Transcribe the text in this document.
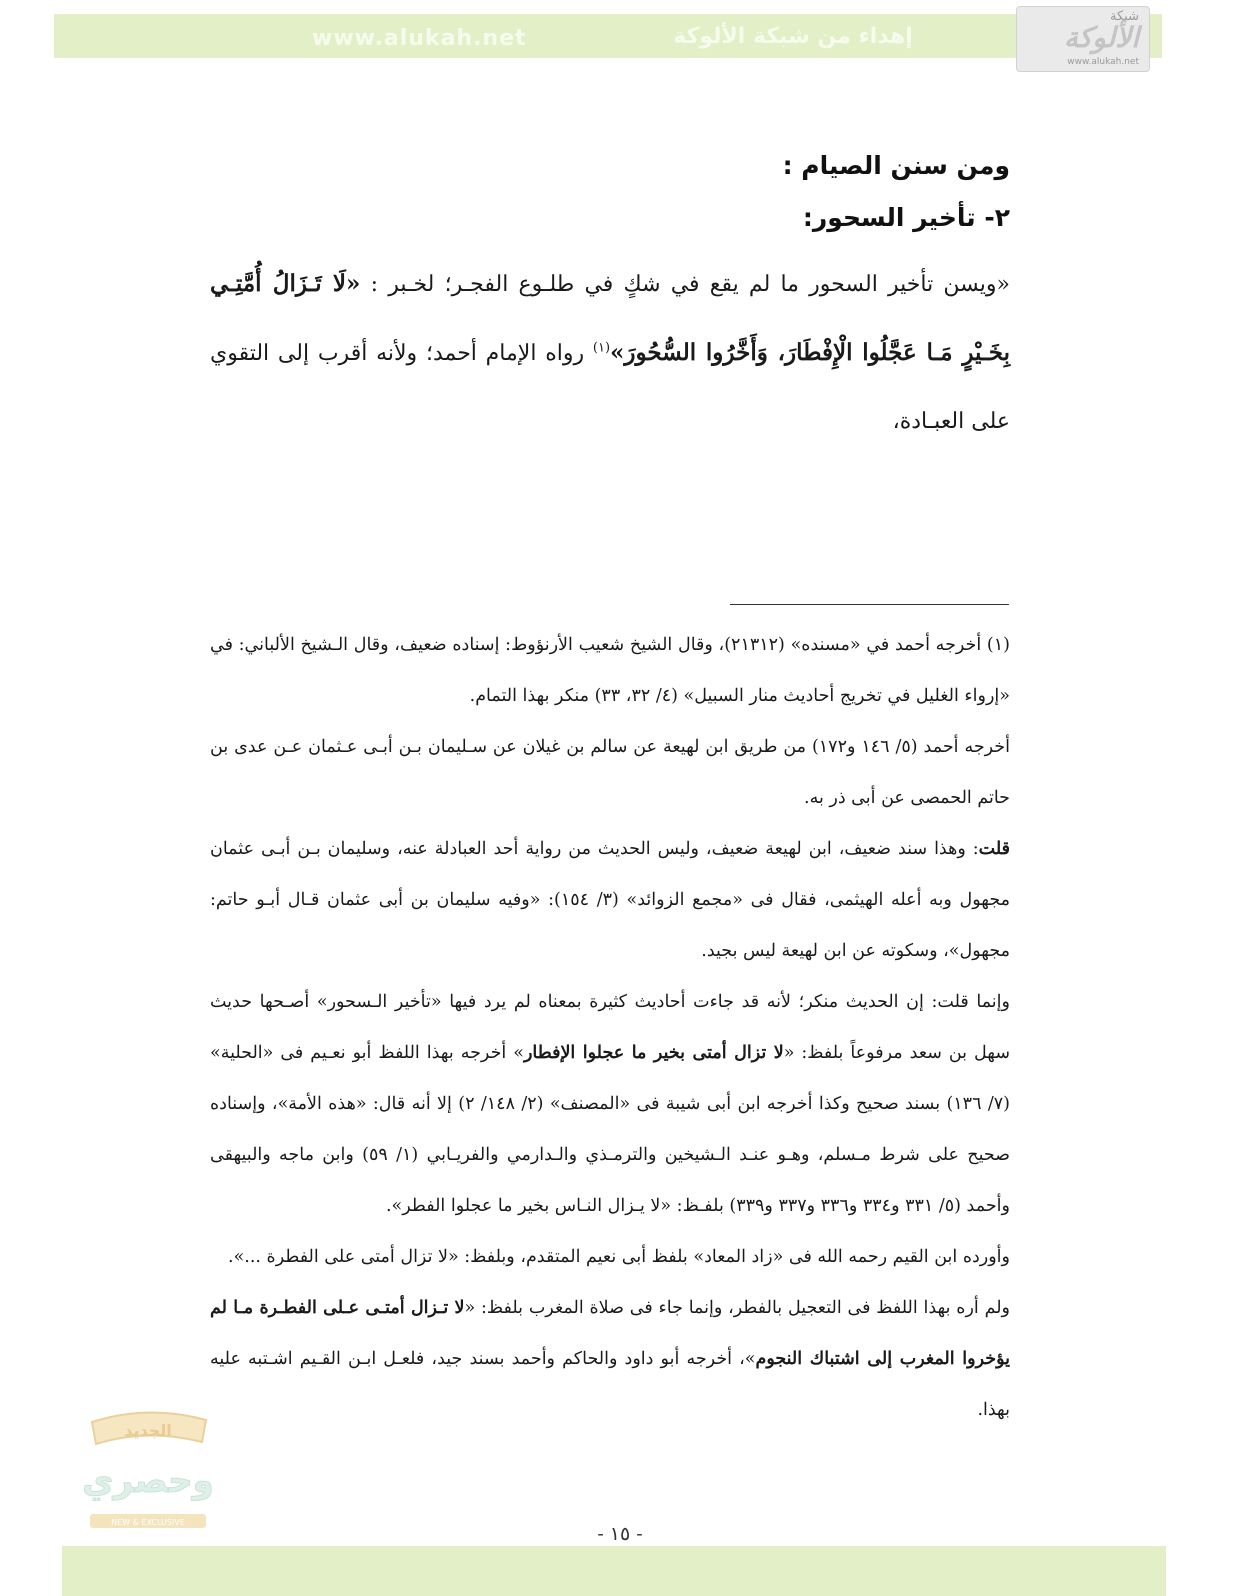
www.alukah.net	إهداء من شبكة الألوكة
شبكة
الألوكة
www.alukah.net
ومن سنن الصيام :
٢- تأخير السحور:
«ويسن تأخير السحور ما لم يقع في شكٍ في طلـوع الفجـر؛ لخـبر : «لَا تَـزَالُ أُمَّتِـي بِخَـيْرٍ مَـا عَجَّلُوا الْإِفْطَارَ، وَأَخَّرُوا السُّحُورَ»$^{(١)}$ رواه الإمام أحمد؛ ولأنه أقرب إلى التقوي على العبـادة،

(١) أخرجه أحمد في «مسنده» (٢١٣١٢)، وقال الشيخ شعيب الأرنؤوط: إسناده ضعيف، وقال الـشيخ الألباني: في «إرواء الغليل في تخريج أحاديث منار السبيل» (٤/ ٣٢، ٣٣) منكر بهذا التمام.

أخرجه أحمد (٥/ ١٤٦ و١٧٢) من طريق ابن لهيعة عن سالم بن غيلان عن سـليمان بـن أبـى عـثمان عـن عدى بن حاتم الحمصى عن أبى ذر به.

قلت: وهذا سند ضعيف، ابن لهيعة ضعيف، وليس الحديث من رواية أحد العبادلة عنه، وسليمان بـن أبـى عثمان مجهول وبه أعله الهيثمى، فقال فى «مجمع الزوائد» (٣/ ١٥٤): «وفيه سليمان بن أبى عثمان قـال أبـو حاتم: مجهول»، وسكوته عن ابن لهيعة ليس بجيد.

وإنما قلت: إن الحديث منكر؛ لأنه قد جاءت أحاديث كثيرة بمعناه لم يرد فيها «تأخير الـسحور» أصـحها حديث سهل بن سعد مرفوعاً بلفظ: «لا تزال أمتى بخير ما عجلوا الإفطار» أخرجه بهذا اللفظ أبو نعـيم فى «الحلية» (٧/ ١٣٦) بسند صحيح وكذا أخرجه ابن أبى شيبة فى «المصنف» (٢/ ١٤٨/ ٢) إلا أنه قال: «هذه الأمة»، وإسناده صحيح على شرط مـسلم، وهـو عنـد الـشيخين والترمـذي والـدارمي والفريـابي (١/ ٥٩) وابن ماجه والبيهقى وأحمد (٥/ ٣٣١ و٣٣٤ و٣٣٦ و٣٣٧ و٣٣٩) بلفـظ: «لا يـزال النـاس بخير ما عجلوا الفطر».

وأورده ابن القيم رحمه الله فى «زاد المعاد» بلفظ أبى نعيم المتقدم، وبلفظ: «لا تزال أمتى على الفطرة ...».

ولم أره بهذا اللفظ فى التعجيل بالفطر، وإنما جاء فى صلاة المغرب بلفظ: «لا تـزال أمتـى عـلى الفطـرة مـا لم يؤخروا المغرب إلى اشتباك النجوم»، أخرجه أبو داود والحاكم وأحمد بسند جيد، فلعـل ابـن القـيم اشـتبه عليه بهذا.

الجديد
وحصري
NEW & EXCLUSIVE
- ١٥ -
